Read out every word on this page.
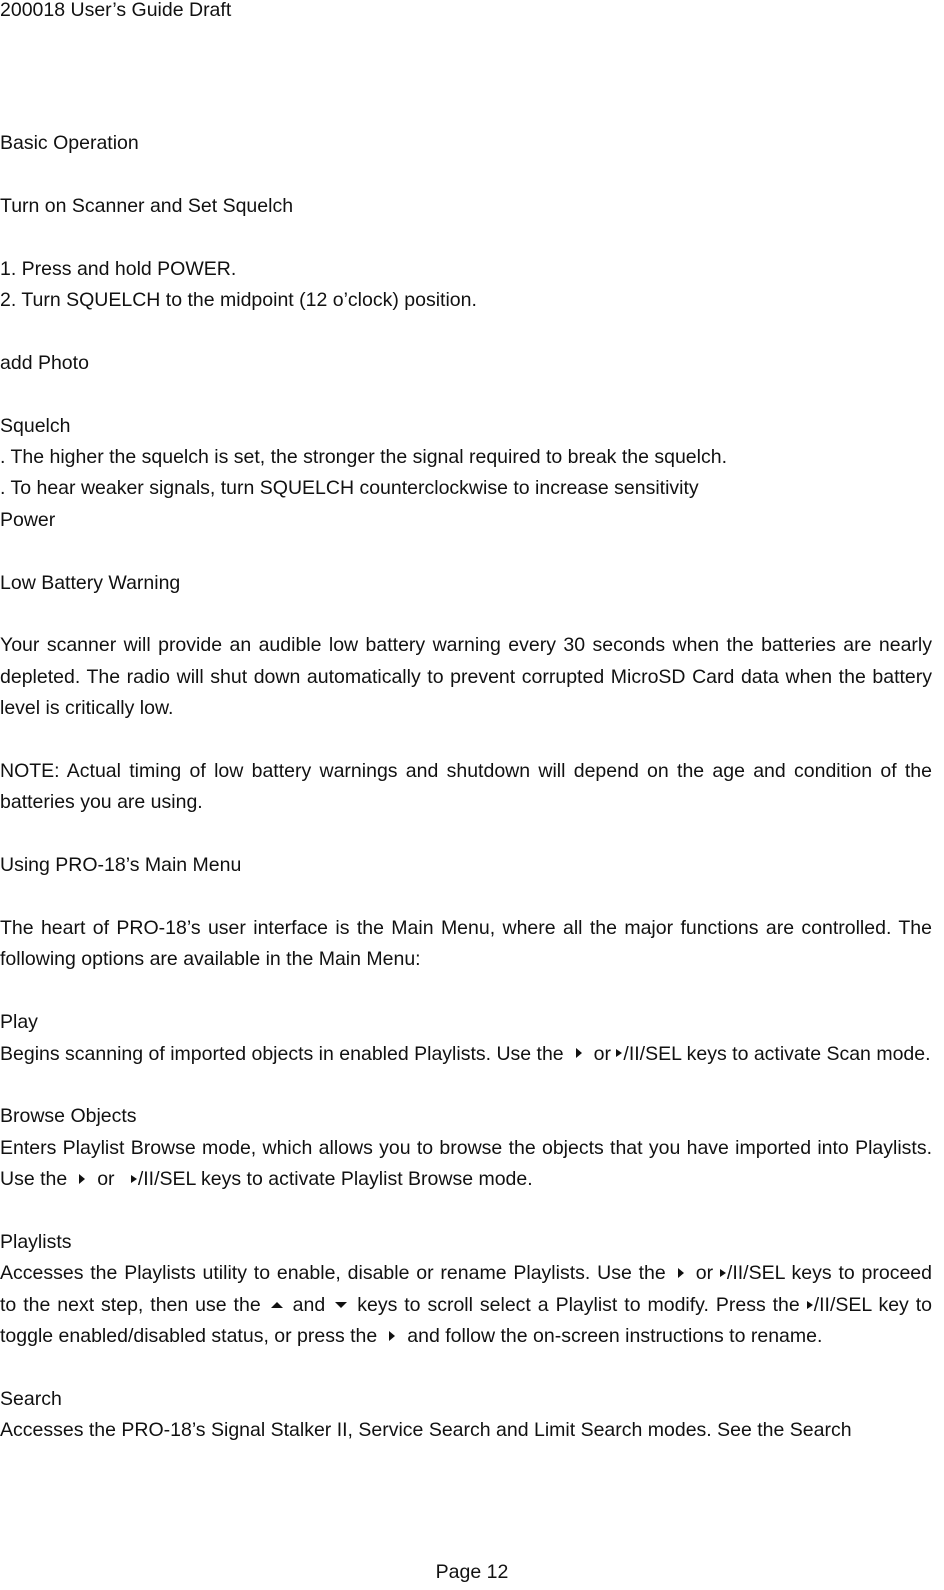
200018 User’s Guide Draft

Basic Operation

Turn on Scanner and Set Squelch

1. Press and hold POWER.

2. Turn SQUELCH to the midpoint (12 o’clock) position.

add Photo

Squelch

. The higher the squelch is set, the stronger the signal required to break the squelch.

. To hear weaker signals, turn SQUELCH counterclockwise to increase sensitivity

Power

Low Battery Warning

Your scanner will provide an audible low battery warning every 30 seconds when the batteries are nearly depleted. The radio will shut down automatically to prevent corrupted MicroSD Card data when the battery level is critically low.

NOTE: Actual timing of low battery warnings and shutdown will depend on the age and condition of the batteries you are using.

Using PRO-18’s Main Menu

The heart of PRO-18’s user interface is the Main Menu, where all the major functions are controlled. The following options are available in the Main Menu:

Play

Begins scanning of imported objects in enabled Playlists. Use the or /II/SEL keys to activate Scan mode.

Browse Objects

Enters Playlist Browse mode, which allows you to browse the objects that you have imported into Playlists. Use the or /II/SEL keys to activate Playlist Browse mode.

Playlists

Accesses the Playlists utility to enable, disable or rename Playlists. Use the or /II/SEL keys to proceed to the next step, then use the and keys to scroll select a Playlist to modify. Press the /II/SEL key to toggle enabled/disabled status, or press the and follow the on-screen instructions to rename.

Search

Accesses the PRO-18’s Signal Stalker II, Service Search and Limit Search modes. See the Search

Page 12
